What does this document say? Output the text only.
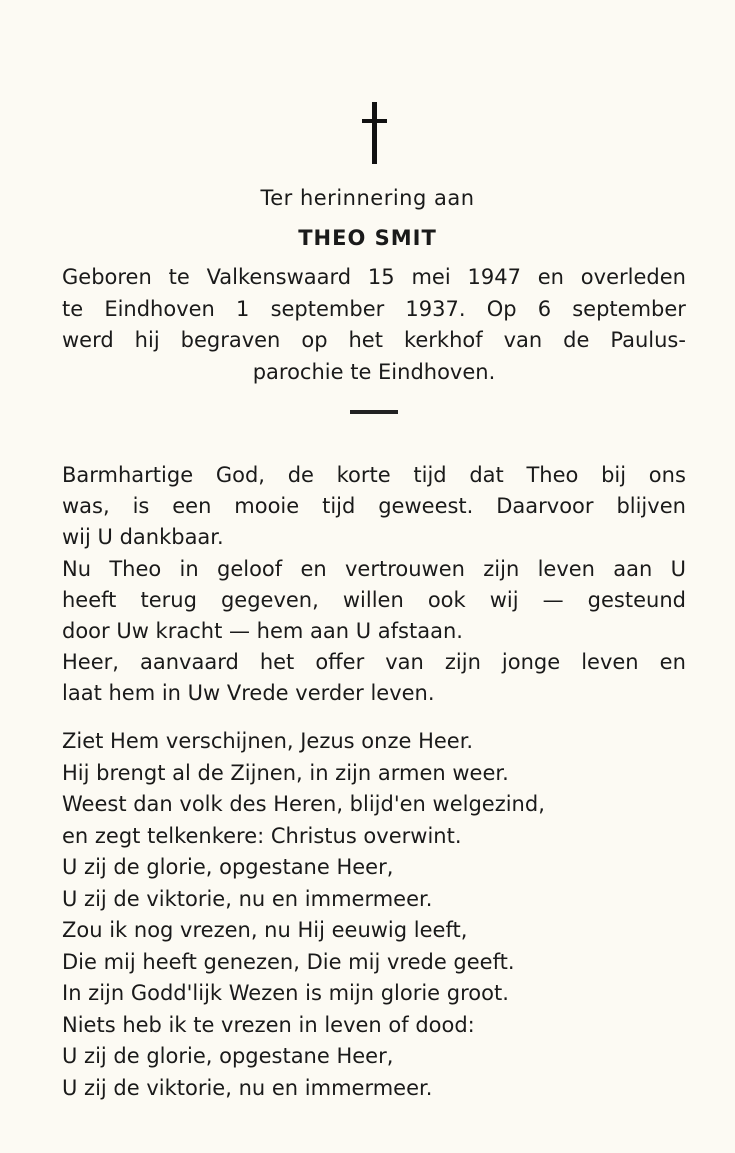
Ter herinnering aan
THEO SMIT
Geboren te Valkenswaard 15 mei 1947 en overleden
te Eindhoven 1 september 1937. Op 6 september
werd hij begraven op het kerkhof van de Paulus-
parochie te Eindhoven.
Barmhartige God, de korte tijd dat Theo bij ons
was, is een mooie tijd geweest. Daarvoor blijven
wij U dankbaar.
Nu Theo in geloof en vertrouwen zijn leven aan U
heeft terug gegeven, willen ook wij — gesteund
door Uw kracht — hem aan U afstaan.
Heer, aanvaard het offer van zijn jonge leven en
laat hem in Uw Vrede verder leven.
Ziet Hem verschijnen, Jezus onze Heer.
Hij brengt al de Zijnen, in zijn armen weer.
Weest dan volk des Heren, blijd'en welgezind,
en zegt telkenkere: Christus overwint.
U zij de glorie, opgestane Heer,
U zij de viktorie, nu en immermeer.
Zou ik nog vrezen, nu Hij eeuwig leeft,
Die mij heeft genezen, Die mij vrede geeft.
In zijn Godd'lijk Wezen is mijn glorie groot.
Niets heb ik te vrezen in leven of dood:
U zij de glorie, opgestane Heer,
U zij de viktorie, nu en immermeer.
